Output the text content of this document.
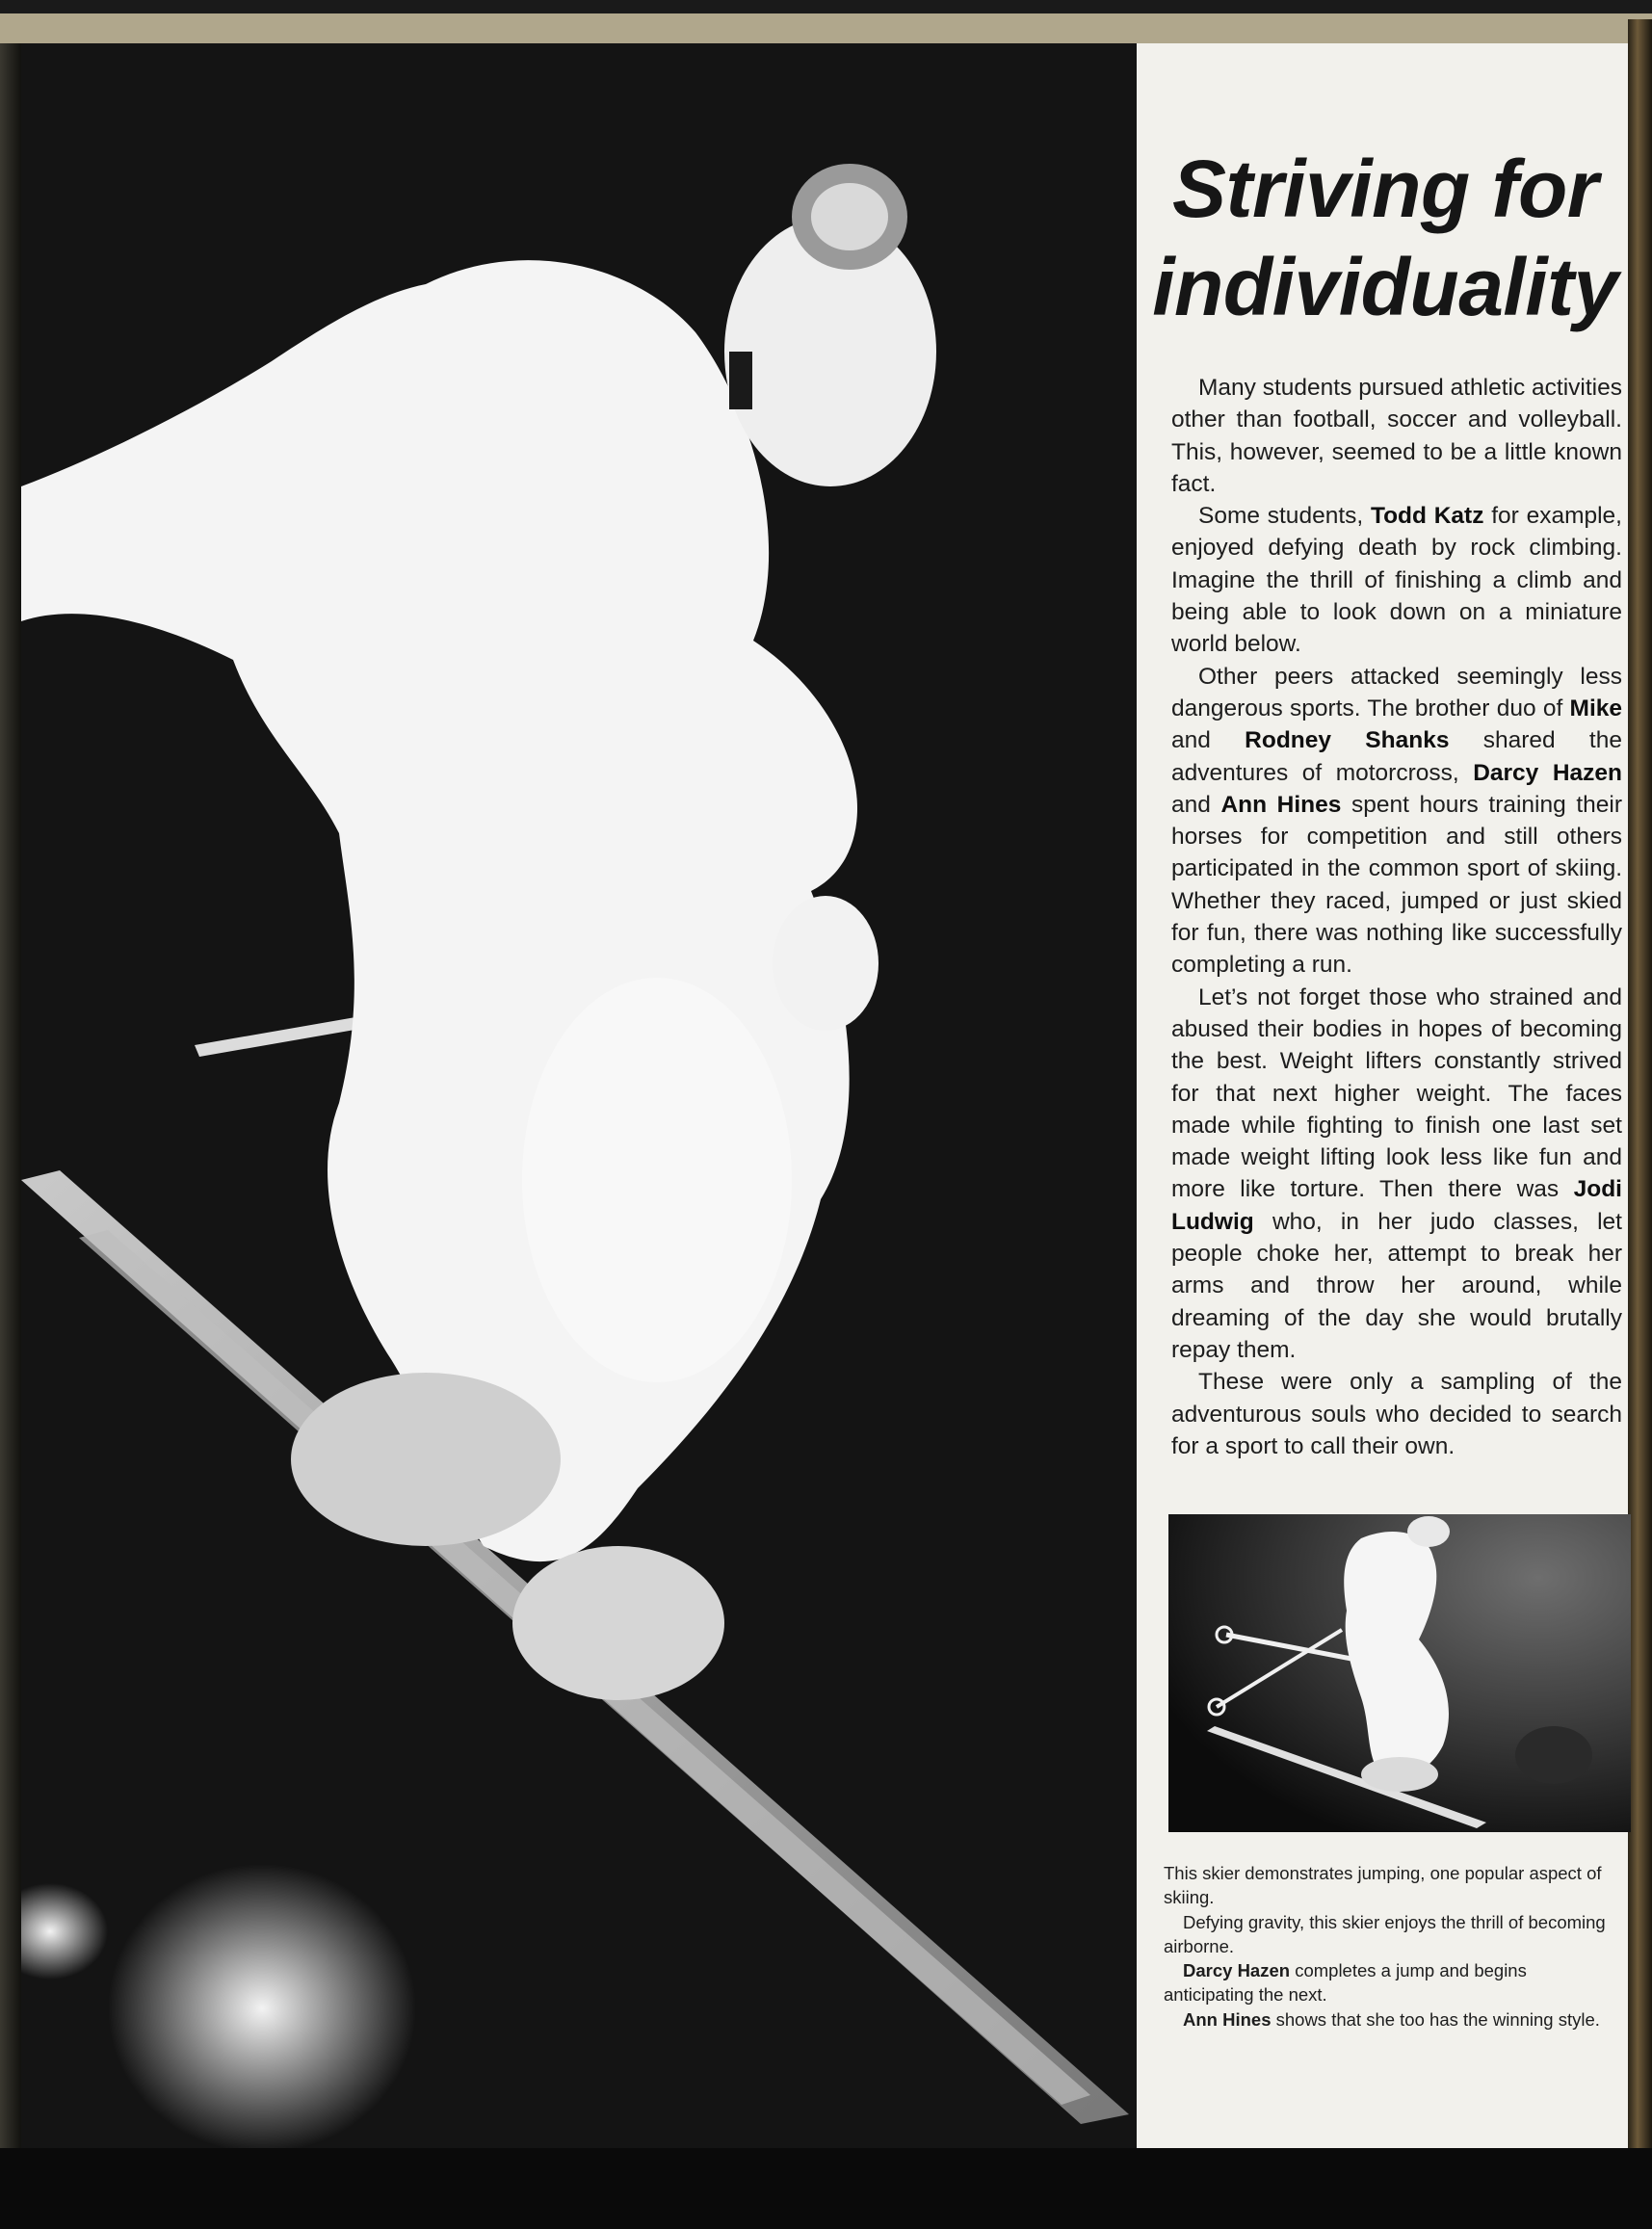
Striving for
individuality

Many students pursued athletic activities other than football, soccer and volleyball. This, however, seemed to be a little known fact.

Some students, Todd Katz for example, enjoyed defying death by rock climbing. Imagine the thrill of finishing a climb and being able to look down on a miniature world below.

Other peers attacked seemingly less dangerous sports. The brother duo of Mike and Rodney Shanks shared the adventures of motorcross, Darcy Hazen and Ann Hines spent hours training their horses for competition and still others participated in the common sport of skiing. Whether they raced, jumped or just skied for fun, there was nothing like successfully completing a run.

Let’s not forget those who strained and abused their bodies in hopes of becoming the best. Weight lifters constantly strived for that next higher weight. The faces made while fighting to finish one last set made weight lifting look less like fun and more like torture. Then there was Jodi Ludwig who, in her judo classes, let people choke her, attempt to break her arms and throw her around, while dreaming of the day she would brutally repay them.

These were only a sampling of the adventurous souls who decided to search for a sport to call their own.

This skier demonstrates jumping, one popular aspect of skiing.

Defying gravity, this skier enjoys the thrill of becoming airborne.

Darcy Hazen completes a jump and begins anticipating the next.

Ann Hines shows that she too has the winning style.
